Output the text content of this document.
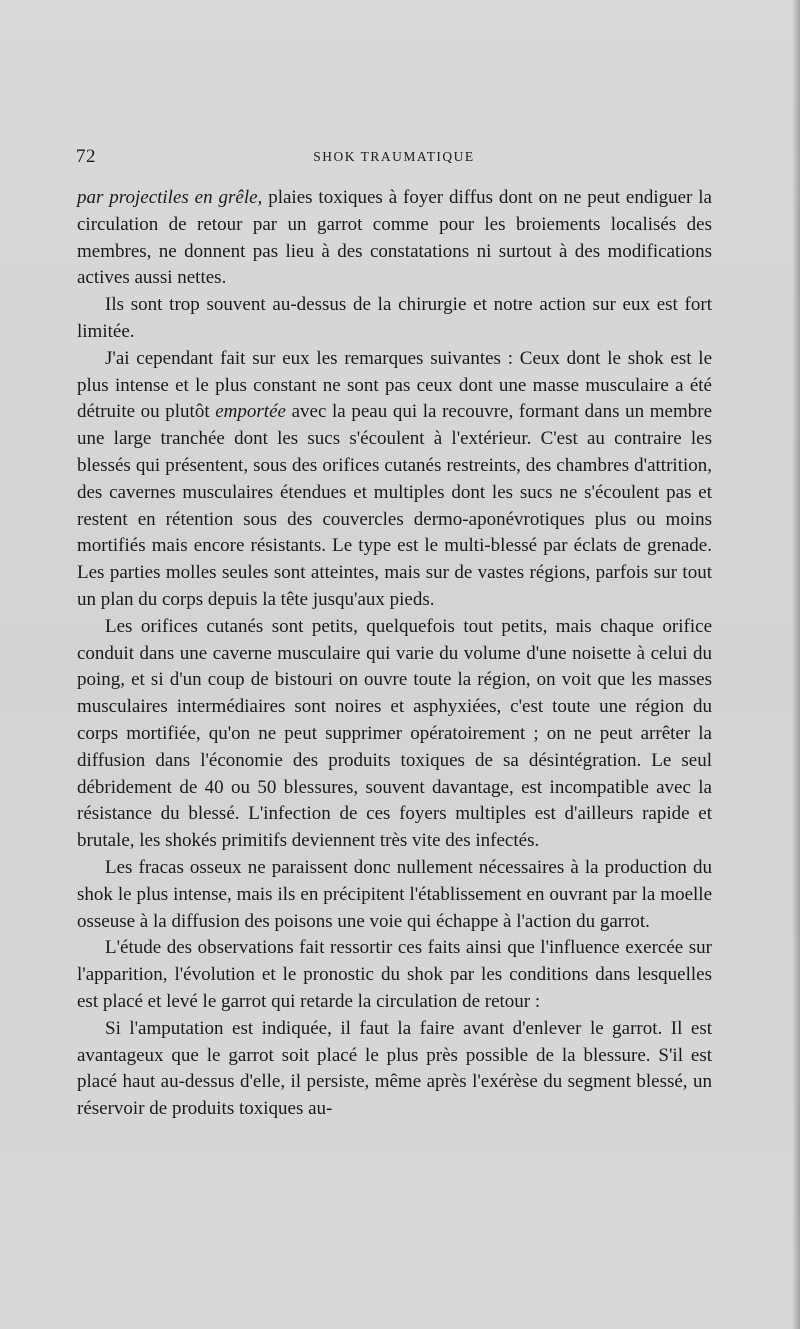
72	SHOK TRAUMATIQUE

par projectiles en grêle, plaies toxiques à foyer diffus dont on ne peut endiguer la circulation de retour par un garrot comme pour les broiements localisés des membres, ne donnent pas lieu à des constatations ni surtout à des modifications actives aussi nettes.

Ils sont trop souvent au-dessus de la chirurgie et notre action sur eux est fort limitée.

J'ai cependant fait sur eux les remarques suivantes : Ceux dont le shok est le plus intense et le plus constant ne sont pas ceux dont une masse musculaire a été détruite ou plutôt emportée avec la peau qui la recouvre, formant dans un membre une large tranchée dont les sucs s'écoulent à l'extérieur. C'est au contraire les blessés qui présentent, sous des orifices cutanés restreints, des chambres d'attrition, des cavernes musculaires étendues et multiples dont les sucs ne s'écoulent pas et restent en rétention sous des couvercles dermo-aponévrotiques plus ou moins mortifiés mais encore résistants. Le type est le multi-blessé par éclats de grenade. Les parties molles seules sont atteintes, mais sur de vastes régions, parfois sur tout un plan du corps depuis la tête jusqu'aux pieds.

Les orifices cutanés sont petits, quelquefois tout petits, mais chaque orifice conduit dans une caverne musculaire qui varie du volume d'une noisette à celui du poing, et si d'un coup de bistouri on ouvre toute la région, on voit que les masses musculaires intermédiaires sont noires et asphyxiées, c'est toute une région du corps mortifiée, qu'on ne peut supprimer opératoirement ; on ne peut arrêter la diffusion dans l'économie des produits toxiques de sa désintégration. Le seul débridement de 40 ou 50 blessures, souvent davantage, est incompatible avec la résistance du blessé. L'infection de ces foyers multiples est d'ailleurs rapide et brutale, les shokés primitifs deviennent très vite des infectés.

Les fracas osseux ne paraissent donc nullement nécessaires à la production du shok le plus intense, mais ils en précipitent l'établissement en ouvrant par la moelle osseuse à la diffusion des poisons une voie qui échappe à l'action du garrot.

L'étude des observations fait ressortir ces faits ainsi que l'influence exercée sur l'apparition, l'évolution et le pronostic du shok par les conditions dans lesquelles est placé et levé le garrot qui retarde la circulation de retour :

Si l'amputation est indiquée, il faut la faire avant d'enlever le garrot. Il est avantageux que le garrot soit placé le plus près possible de la blessure. S'il est placé haut au-dessus d'elle, il persiste, même après l'exérèse du segment blessé, un réservoir de produits toxiques au-
